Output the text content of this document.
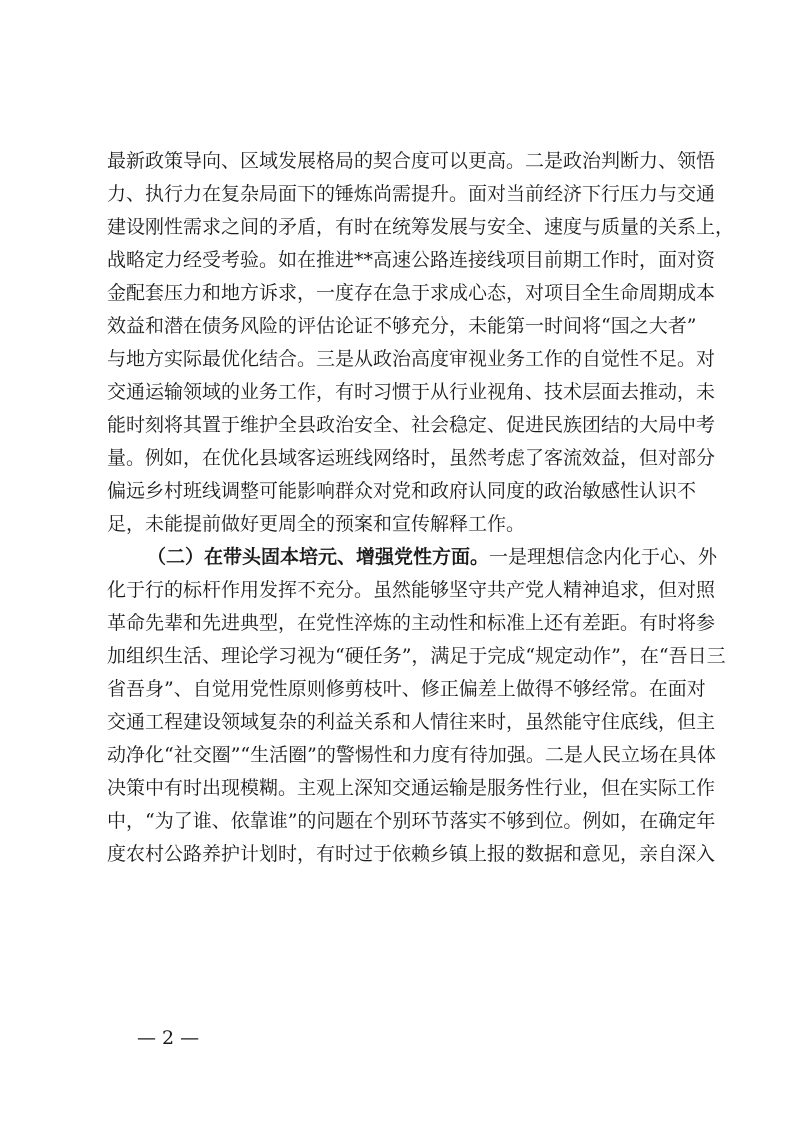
最新政策导向、区域发展格局的契合度可以更高。二是政治判断力、领悟
力、执行力在复杂局面下的锤炼尚需提升。面对当前经济下行压力与交通
建设刚性需求之间的矛盾，有时在统筹发展与安全、速度与质量的关系上，
战略定力经受考验。如在推进**高速公路连接线项目前期工作时，面对资
金配套压力和地方诉求，一度存在急于求成心态，对项目全生命周期成本
效益和潜在债务风险的评估论证不够充分，未能第一时间将“国之大者”
与地方实际最优化结合。三是从政治高度审视业务工作的自觉性不足。对
交通运输领域的业务工作，有时习惯于从行业视角、技术层面去推动，未
能时刻将其置于维护全县政治安全、社会稳定、促进民族团结的大局中考
量。例如，在优化县域客运班线网络时，虽然考虑了客流效益，但对部分
偏远乡村班线调整可能影响群众对党和政府认同度的政治敏感性认识不
足，未能提前做好更周全的预案和宣传解释工作。
（二）在带头固本培元、增强党性方面。一是理想信念内化于心、外
化于行的标杆作用发挥不充分。虽然能够坚守共产党人精神追求，但对照
革命先辈和先进典型，在党性淬炼的主动性和标准上还有差距。有时将参
加组织生活、理论学习视为“硬任务”，满足于完成“规定动作”，在“吾日三
省吾身”、自觉用党性原则修剪枝叶、修正偏差上做得不够经常。在面对
交通工程建设领域复杂的利益关系和人情往来时，虽然能守住底线，但主
动净化“社交圈”“生活圈”的警惕性和力度有待加强。二是人民立场在具体
决策中有时出现模糊。主观上深知交通运输是服务性行业，但在实际工作
中，“为了谁、依靠谁”的问题在个别环节落实不够到位。例如，在确定年
度农村公路养护计划时，有时过于依赖乡镇上报的数据和意见，亲自深入
— 2 —
